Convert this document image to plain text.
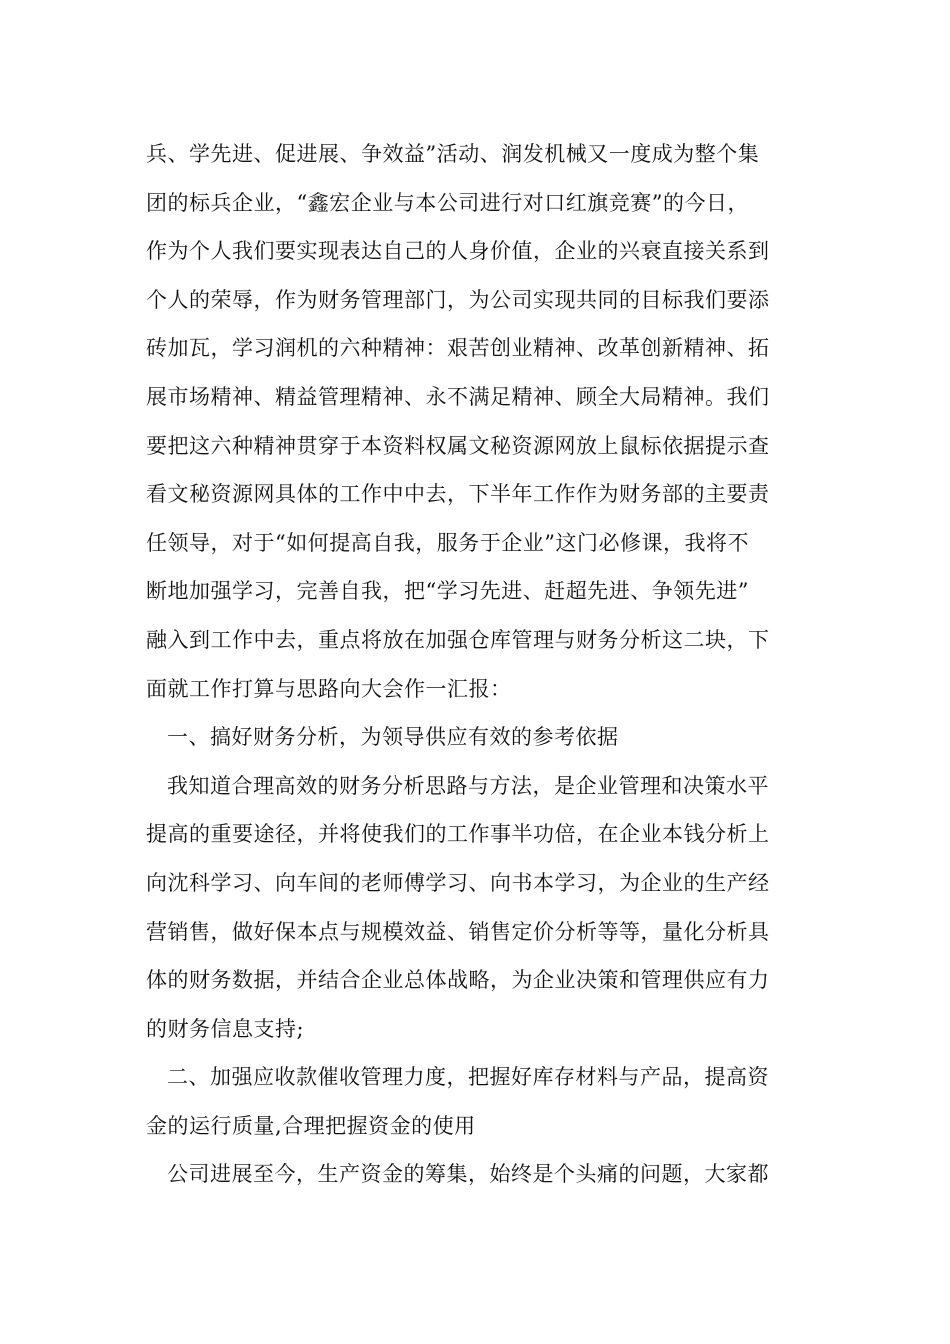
兵、学先进、促进展、争效益”活动、润发机械又一度成为整个集
团的标兵企业，“鑫宏企业与本公司进行对口红旗竞赛”的今日，
作为个人我们要实现表达自己的人身价值，企业的兴衰直接关系到
个人的荣辱，作为财务管理部门，为公司实现共同的目标我们要添
砖加瓦，学习润机的六种精神：艰苦创业精神、改革创新精神、拓
展市场精神、精益管理精神、永不满足精神、顾全大局精神。我们
要把这六种精神贯穿于本资料权属文秘资源网放上鼠标依据提示查
看文秘资源网具体的工作中中去，下半年工作作为财务部的主要责
任领导，对于“如何提高自我，服务于企业”这门必修课，我将不
断地加强学习，完善自我，把“学习先进、赶超先进、争领先进”
融入到工作中去，重点将放在加强仓库管理与财务分析这二块，下
面就工作打算与思路向大会作一汇报：
一、搞好财务分析，为领导供应有效的参考依据
我知道合理高效的财务分析思路与方法，是企业管理和决策水平
提高的重要途径，并将使我们的工作事半功倍，在企业本钱分析上
向沈科学习、向车间的老师傅学习、向书本学习，为企业的生产经
营销售，做好保本点与规模效益、销售定价分析等等，量化分析具
体的财务数据，并结合企业总体战略，为企业决策和管理供应有力
的财务信息支持;
二、加强应收款催收管理力度，把握好库存材料与产品，提高资
金的运行质量,合理把握资金的使用
公司进展至今，生产资金的筹集，始终是个头痛的问题，大家都
